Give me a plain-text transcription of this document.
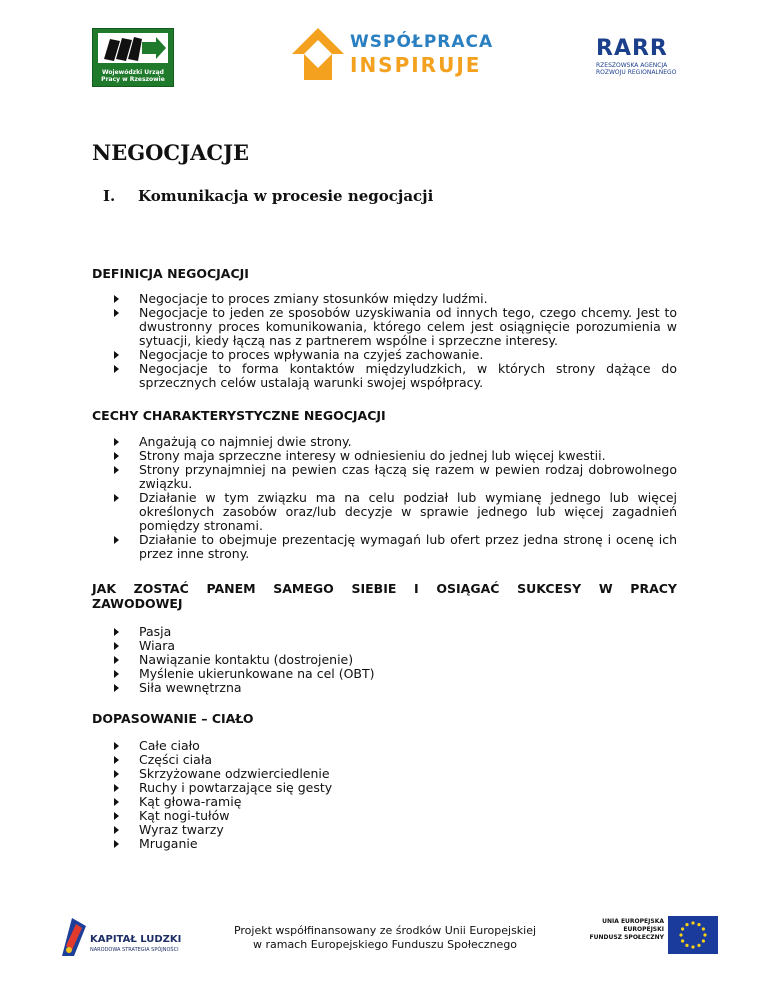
Wojewódzki Urząd Pracy w Rzeszowie
WSPÓŁPRACA
INSPIRUJE
RARR
RZESZOWSKA AGENCJA ROZWOJU REGIONALNEGO
NEGOCJACJE
I. Komunikacja w procesie negocjacji
DEFINICJA NEGOCJACJI
Negocjacje to proces zmiany stosunków między ludźmi.
Negocjacje to jeden ze sposobów uzyskiwania od innych tego, czego chcemy. Jest to dwustronny proces komunikowania, którego celem jest osiągnięcie porozumienia w sytuacji, kiedy łączą nas z partnerem wspólne i sprzeczne interesy.
Negocjacje to proces wpływania na czyjeś zachowanie.
Negocjacje to forma kontaktów międzyludzkich, w których strony dążące do sprzecznych celów ustalają warunki swojej współpracy.
CECHY CHARAKTERYSTYCZNE NEGOCJACJI
Angażują co najmniej dwie strony.
Strony maja sprzeczne interesy w odniesieniu do jednej lub więcej kwestii.
Strony przynajmniej na pewien czas łączą się razem w pewien rodzaj dobrowolnego związku.
Działanie w tym związku ma na celu podział lub wymianę jednego lub więcej określonych zasobów oraz/lub decyzje w sprawie jednego lub więcej zagadnień pomiędzy stronami.
Działanie to obejmuje prezentację wymagań lub ofert przez jedna stronę i ocenę ich przez inne strony.
JAK ZOSTAĆ PANEM SAMEGO SIEBIE I OSIĄGAĆ SUKCESY W PRACY
ZAWODOWEJ
Pasja
Wiara
Nawiązanie kontaktu (dostrojenie)
Myślenie ukierunkowane na cel (OBT)
Siła wewnętrzna
DOPASOWANIE – CIAŁO
Całe ciało
Części ciała
Skrzyżowane odzwierciedlenie
Ruchy i powtarzające się gesty
Kąt głowa-ramię
Kąt nogi-tułów
Wyraz twarzy
Mruganie
KAPITAŁ LUDZKI
NARODOWA STRATEGIA SPÓJNOŚCI
Projekt współfinansowany ze środków Unii Europejskiej
w ramach Europejskiego Funduszu Społecznego
UNIA EUROPEJSKA
EUROPEJSKI
FUNDUSZ SPOŁECZNY
